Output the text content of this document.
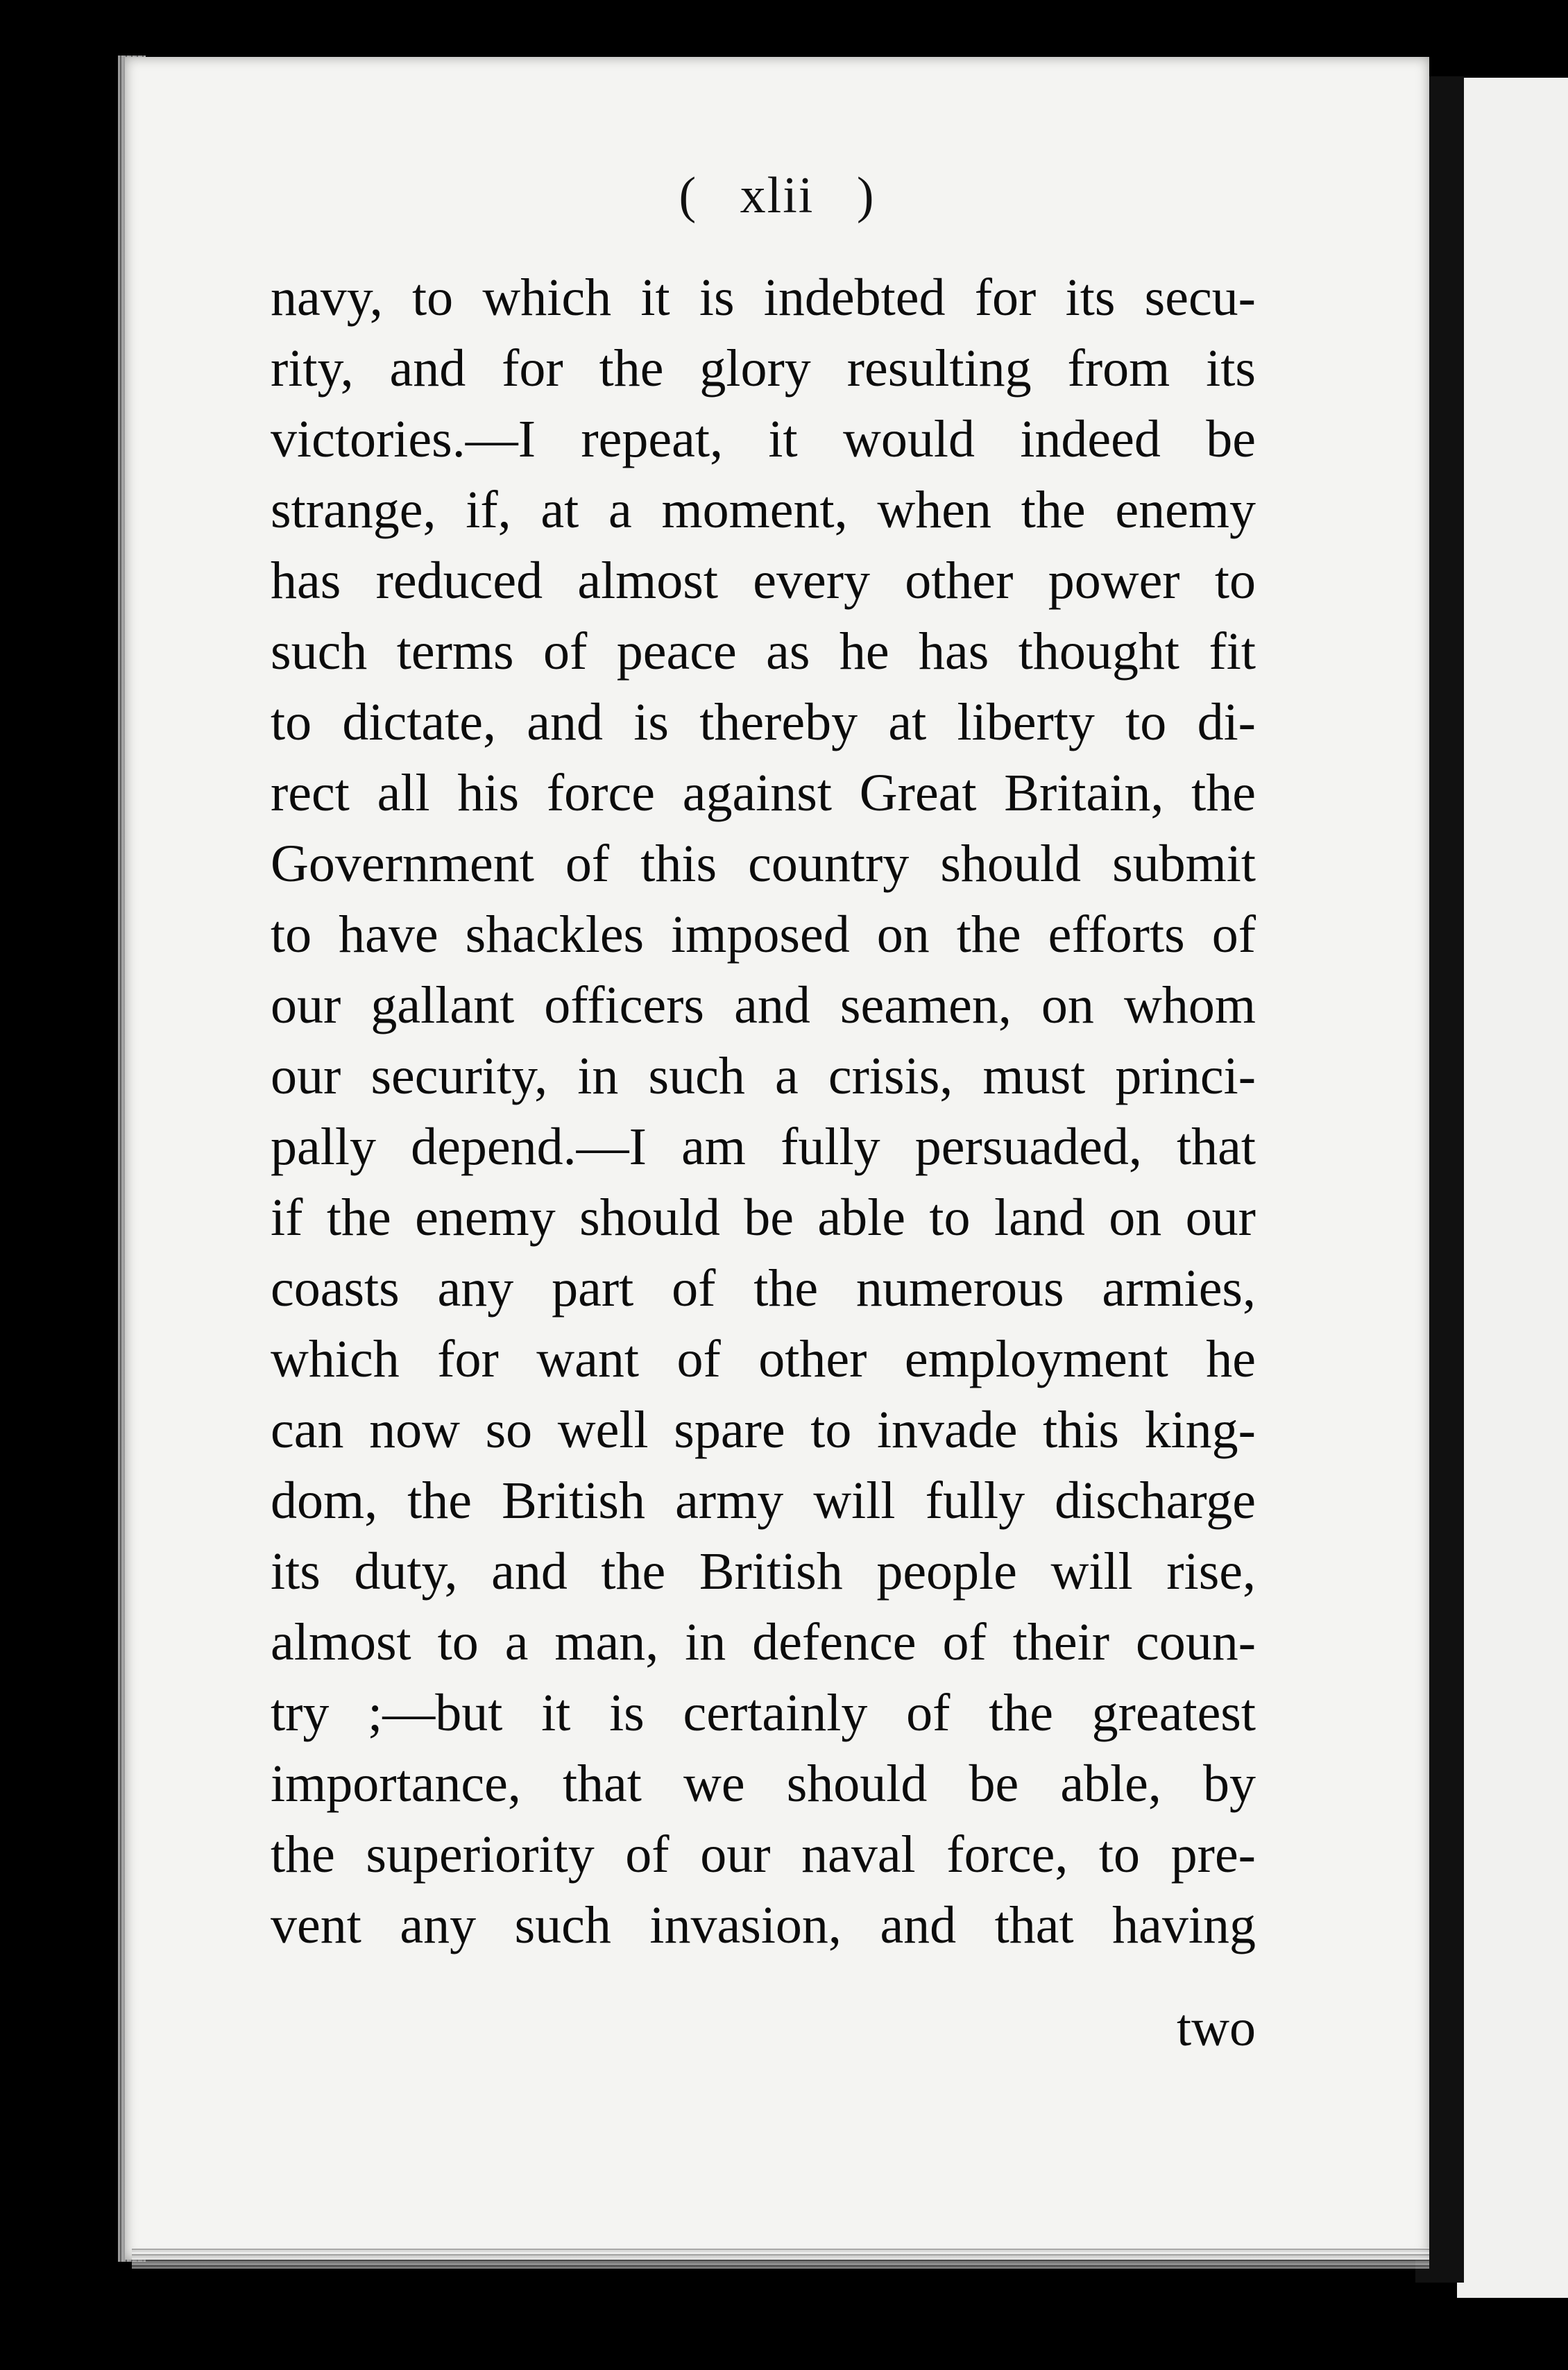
(   xlii   )
navy, to which it is indebted for its secu-
rity, and for the glory resulting from its
victories.—I repeat, it would indeed be
strange, if, at a moment, when the enemy
has reduced almost every other power to
such terms of peace as he has thought fit
to dictate, and is thereby at liberty to di-
rect all his force against Great Britain, the
Government of this country should submit
to have shackles imposed on the efforts of
our gallant officers and seamen, on whom
our security, in such a crisis, must princi-
pally depend.—I am fully persuaded, that
if the enemy should be able to land on our
coasts any part of the numerous armies,
which for want of other employment he
can now so well spare to invade this king-
dom, the British army will fully discharge
its duty, and the British people will rise,
almost to a man, in defence of their coun-
try ;—but it is certainly of the greatest
importance, that we should be able, by
the superiority of our naval force, to pre-
vent any such invasion, and that having
two
